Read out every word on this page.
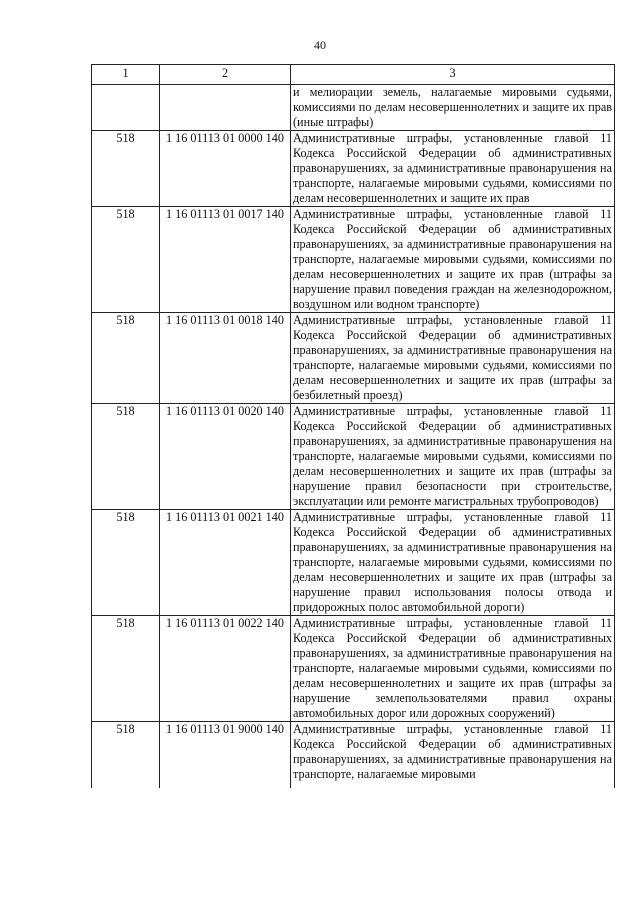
40
1	2	3
		и мелиорации земель, налагаемые мировыми судьями, комиссиями по делам несовершеннолетних и защите их прав (иные штрафы)
518	1 16 01113 01 0000 140	Административные штрафы, установленные главой 11 Кодекса Российской Федерации об административных правонарушениях, за административные правонарушения на транспорте, налагаемые мировыми судьями, комиссиями по делам несовершеннолетних и защите их прав
518	1 16 01113 01 0017 140	Административные штрафы, установленные главой 11 Кодекса Российской Федерации об административных правонарушениях, за административные правонарушения на транспорте, налагаемые мировыми судьями, комиссиями по делам несовершеннолетних и защите их прав (штрафы за нарушение правил поведения граждан на железнодорожном, воздушном или водном транспорте)
518	1 16 01113 01 0018 140	Административные штрафы, установленные главой 11 Кодекса Российской Федерации об административных правонарушениях, за административные правонарушения на транспорте, налагаемые мировыми судьями, комиссиями по делам несовершеннолетних и защите их прав (штрафы за безбилетный проезд)
518	1 16 01113 01 0020 140	Административные штрафы, установленные главой 11 Кодекса Российской Федерации об административных правонарушениях, за административные правонарушения на транспорте, налагаемые мировыми судьями, комиссиями по делам несовершеннолетних и защите их прав (штрафы за нарушение правил безопасности при строительстве, эксплуатации или ремонте магистральных трубопроводов)
518	1 16 01113 01 0021 140	Административные штрафы, установленные главой 11 Кодекса Российской Федерации об административных правонарушениях, за административные правонарушения на транспорте, налагаемые мировыми судьями, комиссиями по делам несовершеннолетних и защите их прав (штрафы за нарушение правил использования полосы отвода и придорожных полос автомобильной дороги)
518	1 16 01113 01 0022 140	Административные штрафы, установленные главой 11 Кодекса Российской Федерации об административных правонарушениях, за административные правонарушения на транспорте, налагаемые мировыми судьями, комиссиями по делам несовершеннолетних и защите их прав (штрафы за нарушение землепользователями правил охраны автомобильных дорог или дорожных сооружений)
518	1 16 01113 01 9000 140	Административные штрафы, установленные главой 11 Кодекса Российской Федерации об административных правонарушениях, за административные правонарушения на транспорте, налагаемые мировыми
